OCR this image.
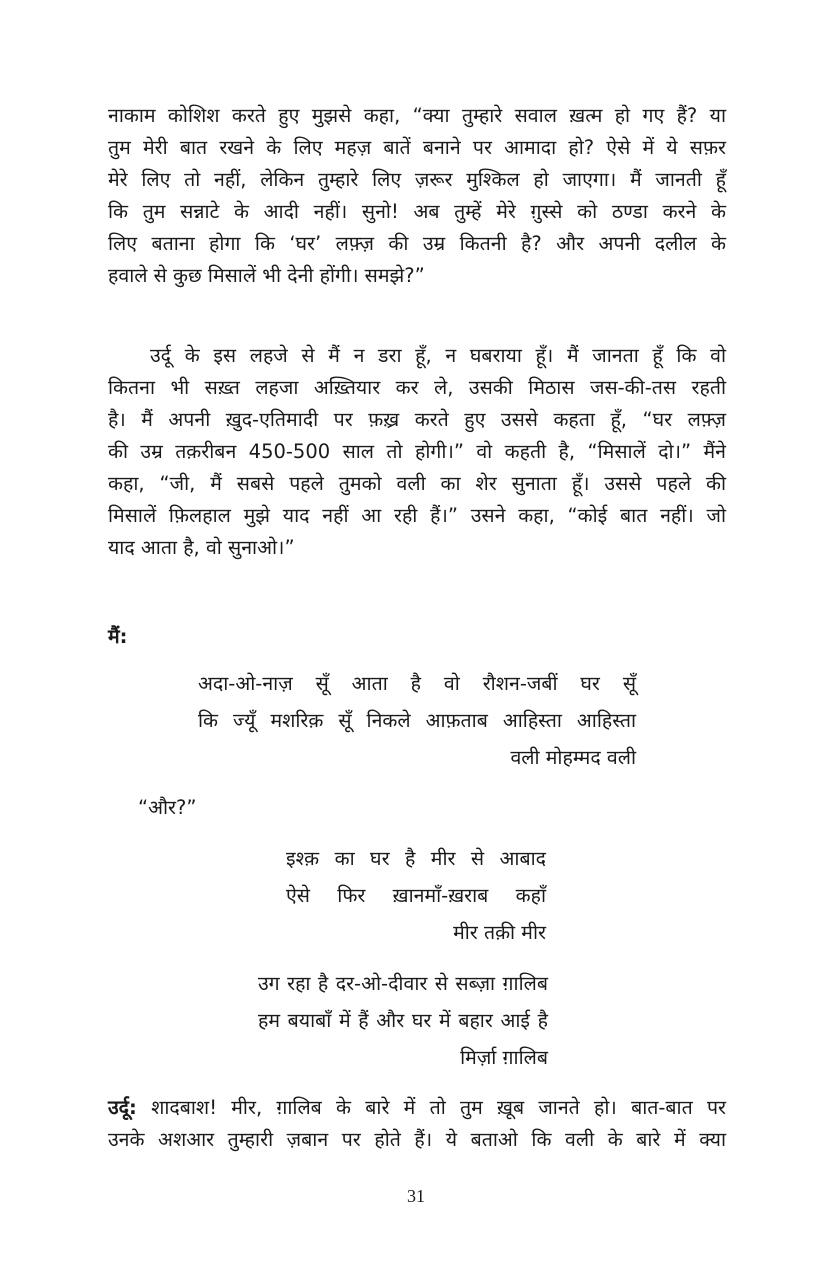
नाकाम कोशिश करते हुए मुझसे कहा, “क्या तुम्हारे सवाल ख़त्म हो गए हैं? या
तुम मेरी बात रखने के लिए महज़ बातें बनाने पर आमादा हो? ऐसे में ये सफ़र
मेरे लिए तो नहीं, लेकिन तुम्हारे लिए ज़रूर मुश्किल हो जाएगा। मैं जानती हूँ
कि तुम सन्नाटे के आदी नहीं। सुनो! अब तुम्हें मेरे ग़ुस्से को ठण्डा करने के
लिए बताना होगा कि ‘घर’ लफ़्ज़ की उम्र कितनी है? और अपनी दलील के
हवाले से कुछ मिसालें भी देनी होंगी। समझे?”
उर्दू के इस लहजे से मैं न डरा हूँ, न घबराया हूँ। मैं जानता हूँ कि वो
कितना भी सख़्त लहजा अख़्तियार कर ले, उसकी मिठास जस-की-तस रहती
है। मैं अपनी ख़ुद-एतिमादी पर फ़ख़्र करते हुए उससे कहता हूँ, “घर लफ़्ज़
की उम्र तक़रीबन 450-500 साल तो होगी।” वो कहती है, “मिसालें दो।” मैंने
कहा, “जी, मैं सबसे पहले तुमको वली का शेर सुनाता हूँ। उससे पहले की
मिसालें फ़िलहाल मुझे याद नहीं आ रही हैं।” उसने कहा, “कोई बात नहीं। जो
याद आता है, वो सुनाओ।”
मैं:
अदा-ओ-नाज़ सूँ आता है वो रौशन-जबीं घर सूँ
कि ज्यूँ मशरिक़ सूँ निकले आफ़ताब आहिस्ता आहिस्ता
वली मोहम्मद वली
“और?”
इश्क़ का घर है मीर से आबाद
ऐसे फिर ख़ानमाँ-ख़राब कहाँ
मीर तक़ी मीर
उग रहा है दर-ओ-दीवार से सब्ज़ा ग़ालिब
हम बयाबाँ में हैं और घर में बहार आई है
मिर्ज़ा ग़ालिब
उर्दू: शादबाश! मीर, ग़ालिब के बारे में तो तुम ख़ूब जानते हो। बात-बात पर
उनके अशआर तुम्हारी ज़बान पर होते हैं। ये बताओ कि वली के बारे में क्या
31
